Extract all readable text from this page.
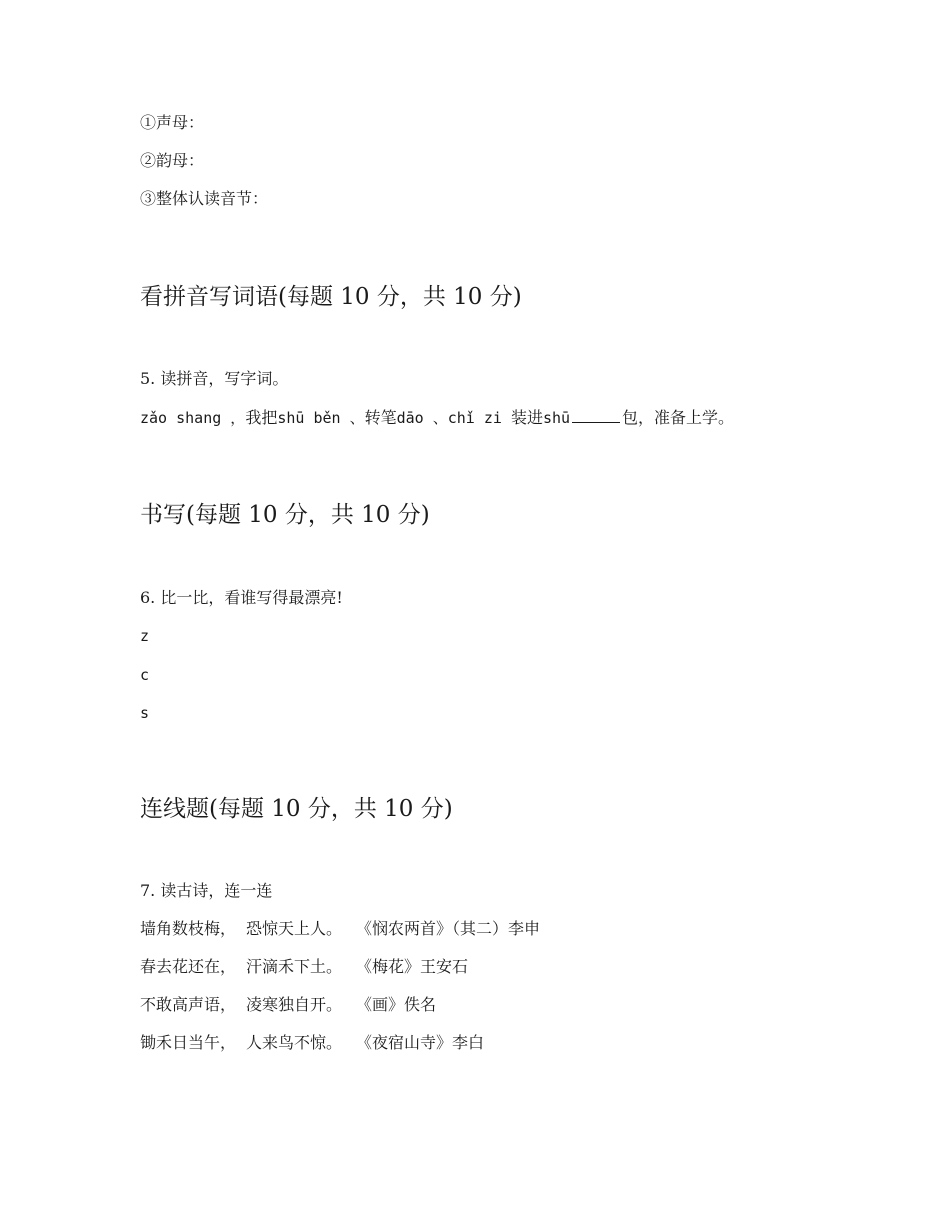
①声母：
②韵母：
③整体认读音节：
看拼音写词语(每题 10 分，共 10 分)
5. 读拼音，写字词。
zǎo shang ，我把shū běn 、转笔dāo 、chǐ zi 装进shū	包，准备上学。
书写(每题 10 分，共 10 分)
6. 比一比，看谁写得最漂亮!
z
c
s
连线题(每题 10 分，共 10 分)
7. 读古诗，连一连
墙角数枝梅， 恐惊天上人。 《悯农两首》（其二）李申
春去花还在， 汗滴禾下土。 《梅花》王安石
不敢高声语， 凌寒独自开。 《画》佚名
锄禾日当午， 人来鸟不惊。 《夜宿山寺》李白
